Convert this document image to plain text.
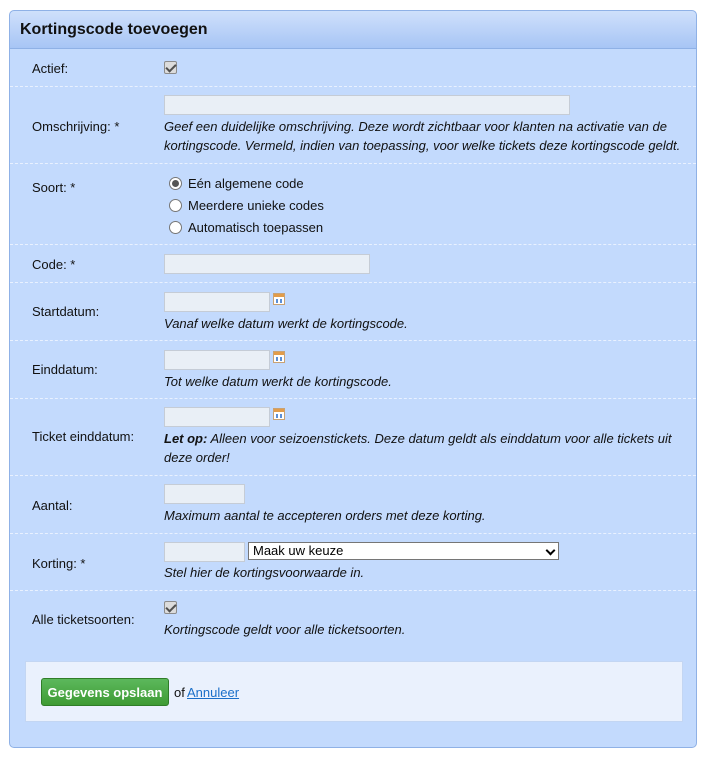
Kortingscode toevoegen
Actief:
Omschrijving: *	Geef een duidelijke omschrijving. Deze wordt zichtbaar voor klanten na activatie van de kortingscode. Vermeld, indien van toepassing, voor welke tickets deze kortingscode geldt.
Soort: *	Eén algemene code
Meerdere unieke codes
Automatisch toepassen
Code: *
Startdatum:
Vanaf welke datum werkt de kortingscode.
Einddatum:
Tot welke datum werkt de kortingscode.
Ticket einddatum: Let op: Alleen voor seizoenstickets. Deze datum geldt als einddatum voor alle tickets uit
deze order!
Aantal:
Maximum aantal te accepteren orders met deze korting.
Korting: *
Maak uw keuze
Stel hier de kortingsvoorwaarde in.
Alle ticketsoorten:
Kortingscode geldt voor alle ticketsoorten.
Gegevens opslaan of Annuleer
